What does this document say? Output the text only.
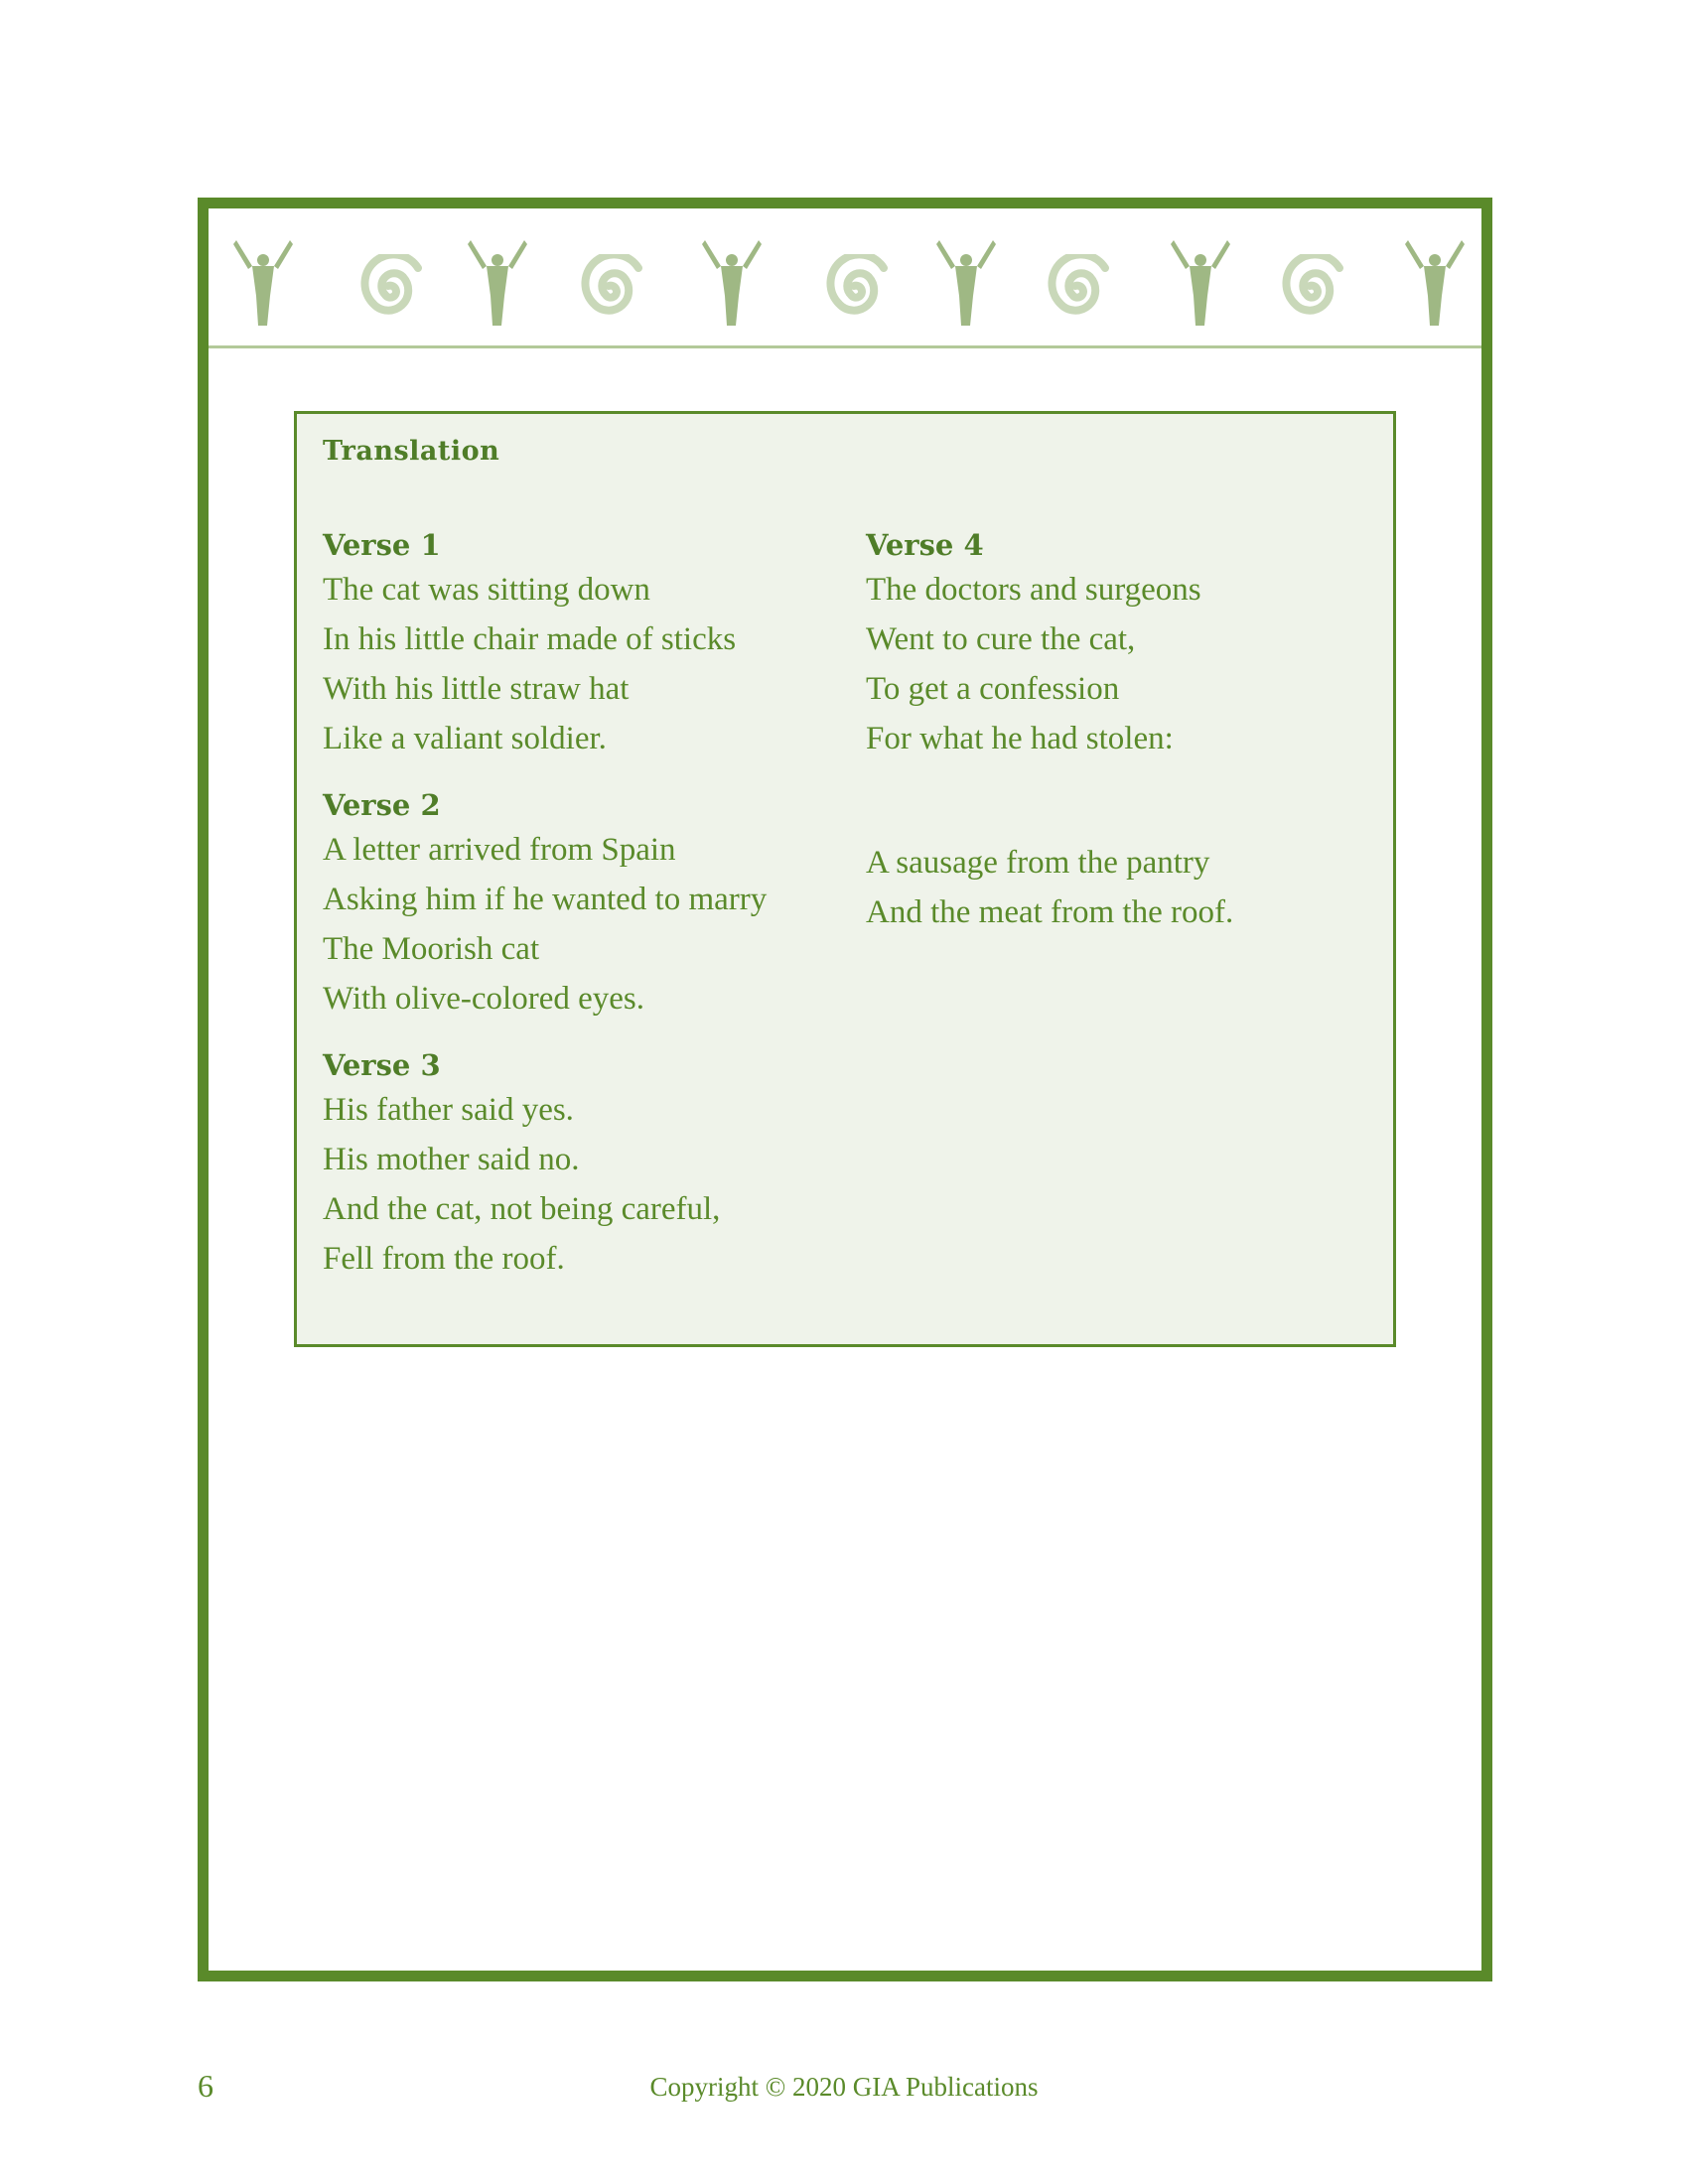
Translation
Verse 1
The cat was sitting down
In his little chair made of sticks
With his little straw hat
Like a valiant soldier.
Verse 2
A letter arrived from Spain
Asking him if he wanted to marry
The Moorish cat
With olive-colored eyes.
Verse 3
His father said yes.
His mother said no.
And the cat, not being careful,
Fell from the roof.
Verse 4
The doctors and surgeons
Went to cure the cat,
To get a confession
For what he had stolen:
A sausage from the pantry
And the meat from the roof.
6	Copyright © 2020 GIA Publications
